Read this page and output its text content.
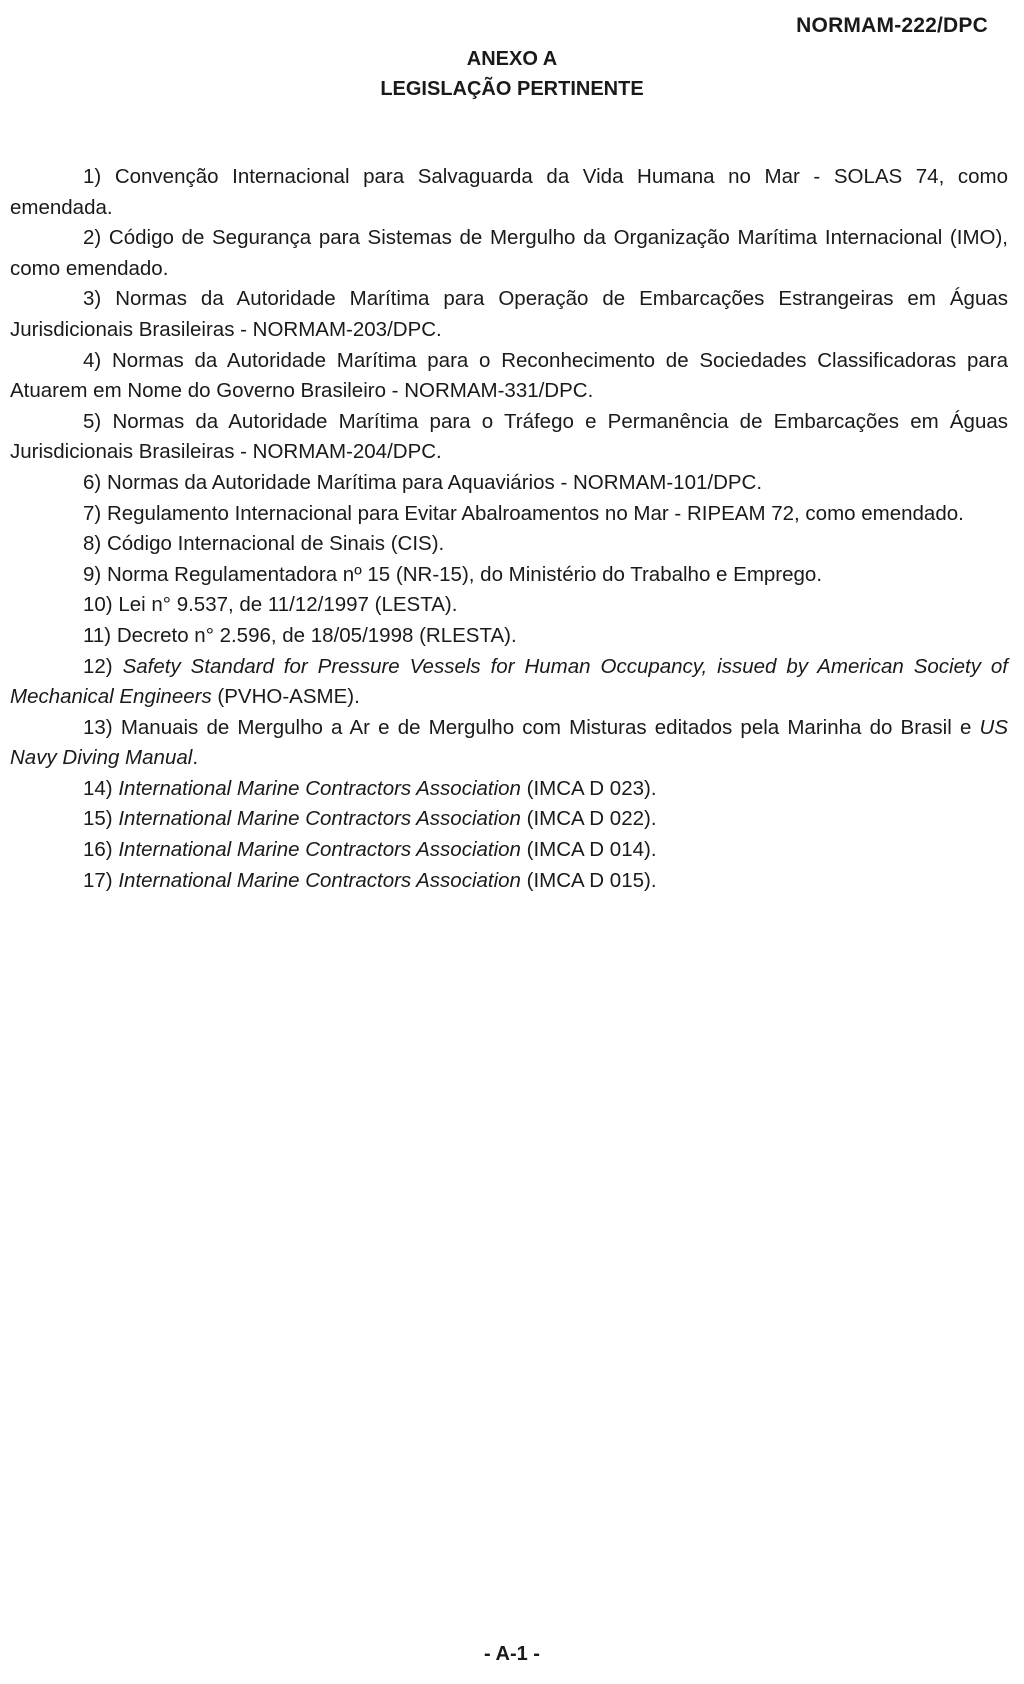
NORMAM-222/DPC
ANEXO A
LEGISLAÇÃO PERTINENTE

1) Convenção Internacional para Salvaguarda da Vida Humana no Mar - SOLAS 74, como emendada.

2) Código de Segurança para Sistemas de Mergulho da Organização Marítima Internacional (IMO), como emendado.

3) Normas da Autoridade Marítima para Operação de Embarcações Estrangeiras em Águas Jurisdicionais Brasileiras - NORMAM-203/DPC.

4) Normas da Autoridade Marítima para o Reconhecimento de Sociedades Classificadoras para Atuarem em Nome do Governo Brasileiro - NORMAM-331/DPC.

5) Normas da Autoridade Marítima para o Tráfego e Permanência de Embarcações em Águas Jurisdicionais Brasileiras - NORMAM-204/DPC.

6) Normas da Autoridade Marítima para Aquaviários - NORMAM-101/DPC.

7) Regulamento Internacional para Evitar Abalroamentos no Mar - RIPEAM 72, como emendado.

8) Código Internacional de Sinais (CIS).

9) Norma Regulamentadora nº 15 (NR-15), do Ministério do Trabalho e Emprego.

10) Lei n° 9.537, de 11/12/1997 (LESTA).

11) Decreto n° 2.596, de 18/05/1998 (RLESTA).

12) Safety Standard for Pressure Vessels for Human Occupancy, issued by American Society of Mechanical Engineers (PVHO-ASME).

13) Manuais de Mergulho a Ar e de Mergulho com Misturas editados pela Marinha do Brasil e US Navy Diving Manual.

14) International Marine Contractors Association (IMCA D 023).

15) International Marine Contractors Association (IMCA D 022).

16) International Marine Contractors Association (IMCA D 014).

17) International Marine Contractors Association (IMCA D 015).

- A-1 -
